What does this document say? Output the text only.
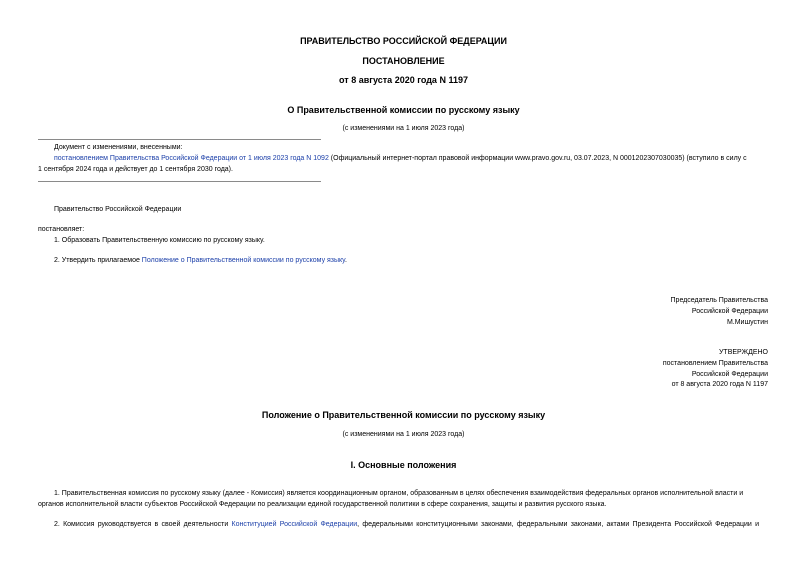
ПРАВИТЕЛЬСТВО РОССИЙСКОЙ ФЕДЕРАЦИИ
ПОСТАНОВЛЕНИЕ
от 8 августа 2020 года N 1197
О Правительственной комиссии по русскому языку
(с изменениями на 1 июля 2023 года)
Документ с изменениями, внесенными:
постановлением Правительства Российской Федерации от 1 июля 2023 года N 1092 (Официальный интернет-портал правовой информации www.pravo.gov.ru, 03.07.2023, N 0001202307030035) (вступило в силу с
1 сентября 2024 года и действует до 1 сентября 2030 года).
Правительство Российской Федерации
постановляет:
1. Образовать Правительственную комиссию по русскому языку.
2. Утвердить прилагаемое Положение о Правительственной комиссии по русскому языку.
Председатель Правительства
Российской Федерации
М.Мишустин
УТВЕРЖДЕНО
постановлением Правительства
Российской Федерации
от 8 августа 2020 года N 1197
Положение о Правительственной комиссии по русскому языку
(с изменениями на 1 июля 2023 года)
I. Основные положения
1. Правительственная комиссия по русскому языку (далее - Комиссия) является координационным органом, образованным в целях обеспечения взаимодействия федеральных органов исполнительной власти и
органов исполнительной власти субъектов Российской Федерации по реализации единой государственной политики в сфере сохранения, защиты и развития русского языка.
2. Комиссия руководствуется в своей деятельности Конституцией Российской Федерации, федеральными конституционными законами, федеральными законами, актами Президента Российской Федерации и
